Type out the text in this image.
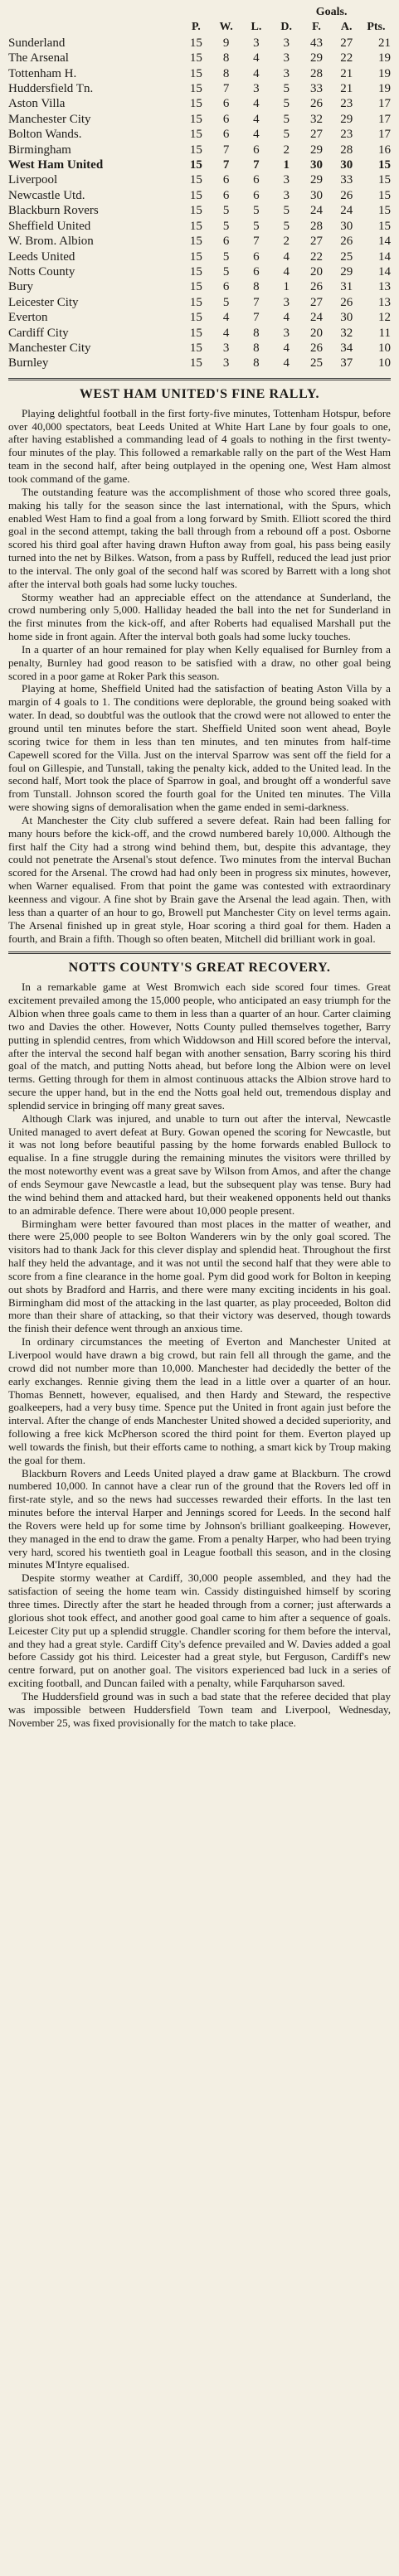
					Goals.		
	P.	W.	L.	D.	F.	A.	Pts.
Sunderland	15	9	3	3	43	27	21
The Arsenal	15	8	4	3	29	22	19
Tottenham H.	15	8	4	3	28	21	19
Huddersfield Tn.	15	7	3	5	33	21	19
Aston Villa	15	6	4	5	26	23	17
Manchester City	15	6	4	5	32	29	17
Bolton Wands.	15	6	4	5	27	23	17
Birmingham	15	7	6	2	29	28	16
West Ham United	15	7	7	1	30	30	15
Liverpool	15	6	6	3	29	33	15
Newcastle Utd.	15	6	6	3	30	26	15
Blackburn Rovers	15	5	5	5	24	24	15
Sheffield United	15	5	5	5	28	30	15
W. Brom. Albion	15	6	7	2	27	26	14
Leeds United	15	5	6	4	22	25	14
Notts County	15	5	6	4	20	29	14
Bury	15	6	8	1	26	31	13
Leicester City	15	5	7	3	27	26	13
Everton	15	4	7	4	24	30	12
Cardiff City	15	4	8	3	20	32	11
Manchester City	15	3	8	4	26	34	10
Burnley	15	3	8	4	25	37	10
WEST HAM UNITED'S FINE RALLY.

Playing delightful football in the first forty-five minutes, Tottenham Hotspur, before over 40,000 spectators, beat Leeds United at White Hart Lane by four goals to one, after having established a commanding lead of 4 goals to nothing in the first twenty-four minutes of the play. This followed a remarkable rally on the part of the West Ham team in the second half, after being outplayed in the opening one, West Ham almost took command of the game.

The outstanding feature was the accomplishment of those who scored three goals, making his tally for the season since the last international, with the Spurs, which enabled West Ham to find a goal from a long forward by Smith. Elliott scored the third goal in the second attempt, taking the ball through from a rebound off a post. Osborne scored his third goal after having drawn Hufton away from goal, his pass being easily turned into the net by Bilkes. Watson, from a pass by Ruffell, reduced the lead just prior to the interval. The only goal of the second half was scored by Barrett with a long shot after the interval both goals had some lucky touches.

Stormy weather had an appreciable effect on the attendance at Sunderland, the crowd numbering only 5,000. Halliday headed the ball into the net for Sunderland in the first minutes from the kick-off, and after Roberts had equalised Marshall put the home side in front again. After the interval both goals had some lucky touches.

In a quarter of an hour remained for play when Kelly equalised for Burnley from a penalty, Burnley had good reason to be satisfied with a draw, no other goal being scored in a poor game at Roker Park this season.

Playing at home, Sheffield United had the satisfaction of beating Aston Villa by a margin of 4 goals to 1. The conditions were deplorable, the ground being soaked with water. In dead, so doubtful was the outlook that the crowd were not allowed to enter the ground until ten minutes before the start. Sheffield United soon went ahead, Boyle scoring twice for them in less than ten minutes, and ten minutes from half-time Capewell scored for the Villa. Just on the interval Sparrow was sent off the field for a foul on Gillespie, and Tunstall, taking the penalty kick, added to the United lead. In the second half, Mort took the place of Sparrow in goal, and brought off a wonderful save from Tunstall. Johnson scored the fourth goal for the United ten minutes. The Villa were showing signs of demoralisation when the game ended in semi-darkness.

At Manchester the City club suffered a severe defeat. Rain had been falling for many hours before the kick-off, and the crowd numbered barely 10,000. Although the first half the City had a strong wind behind them, but, despite this advantage, they could not penetrate the Arsenal's stout defence. Two minutes from the interval Buchan scored for the Arsenal. The crowd had had only been in progress six minutes, however, when Warner equalised. From that point the game was contested with extraordinary keenness and vigour. A fine shot by Brain gave the Arsenal the lead again. Then, with less than a quarter of an hour to go, Browell put Manchester City on level terms again. The Arsenal finished up in great style, Hoar scoring a third goal for them. Haden a fourth, and Brain a fifth. Though so often beaten, Mitchell did brilliant work in goal.

NOTTS COUNTY'S GREAT RECOVERY.

In a remarkable game at West Bromwich each side scored four times. Great excitement prevailed among the 15,000 people, who anticipated an easy triumph for the Albion when three goals came to them in less than a quarter of an hour. Carter claiming two and Davies the other. However, Notts County pulled themselves together, Barry putting in splendid centres, from which Widdowson and Hill scored before the interval, after the interval the second half began with another sensation, Barry scoring his third goal of the match, and putting Notts ahead, but before long the Albion were on level terms. Getting through for them in almost continuous attacks the Albion strove hard to secure the upper hand, but in the end the Notts goal held out, tremendous display and splendid service in bringing off many great saves.

Although Clark was injured, and unable to turn out after the interval, Newcastle United managed to avert defeat at Bury. Gowan opened the scoring for Newcastle, but it was not long before beautiful passing by the home forwards enabled Bullock to equalise. In a fine struggle during the remaining minutes the visitors were thrilled by the most noteworthy event was a great save by Wilson from Amos, and after the change of ends Seymour gave Newcastle a lead, but the subsequent play was tense. Bury had the wind behind them and attacked hard, but their weakened opponents held out thanks to an admirable defence. There were about 10,000 people present.

Birmingham were better favoured than most places in the matter of weather, and there were 25,000 people to see Bolton Wanderers win by the only goal scored. The visitors had to thank Jack for this clever display and splendid heat. Throughout the first half they held the advantage, and it was not until the second half that they were able to score from a fine clearance in the home goal. Pym did good work for Bolton in keeping out shots by Bradford and Harris, and there were many exciting incidents in his goal. Birmingham did most of the attacking in the last quarter, as play proceeded, Bolton did more than their share of attacking, so that their victory was deserved, though towards the finish their defence went through an anxious time.

In ordinary circumstances the meeting of Everton and Manchester United at Liverpool would have drawn a big crowd, but rain fell all through the game, and the crowd did not number more than 10,000. Manchester had decidedly the better of the early exchanges. Rennie giving them the lead in a little over a quarter of an hour. Thomas Bennett, however, equalised, and then Hardy and Steward, the respective goalkeepers, had a very busy time. Spence put the United in front again just before the interval. After the change of ends Manchester United showed a decided superiority, and following a free kick McPherson scored the third point for them. Everton played up well towards the finish, but their efforts came to nothing, a smart kick by Troup making the goal for them.

Blackburn Rovers and Leeds United played a draw game at Blackburn. The crowd numbered 10,000. In cannot have a clear run of the ground that the Rovers led off in first-rate style, and so the news had successes rewarded their efforts. In the last ten minutes before the interval Harper and Jennings scored for Leeds. In the second half the Rovers were held up for some time by Johnson's brilliant goalkeeping. However, they managed in the end to draw the game. From a penalty Harper, who had been trying very hard, scored his twentieth goal in League football this season, and in the closing minutes M'Intyre equalised.

Despite stormy weather at Cardiff, 30,000 people assembled, and they had the satisfaction of seeing the home team win. Cassidy distinguished himself by scoring three times. Directly after the start he headed through from a corner; just afterwards a glorious shot took effect, and another good goal came to him after a sequence of goals. Leicester City put up a splendid struggle. Chandler scoring for them before the interval, and they had a great style. Cardiff City's defence prevailed and W. Davies added a goal before Cassidy got his third. Leicester had a great style, but Ferguson, Cardiff's new centre forward, put on another goal. The visitors experienced bad luck in a series of exciting football, and Duncan failed with a penalty, while Farquharson saved.

The Huddersfield ground was in such a bad state that the referee decided that play was impossible between Huddersfield Town team and Liverpool, Wednesday, November 25, was fixed provisionally for the match to take place.
